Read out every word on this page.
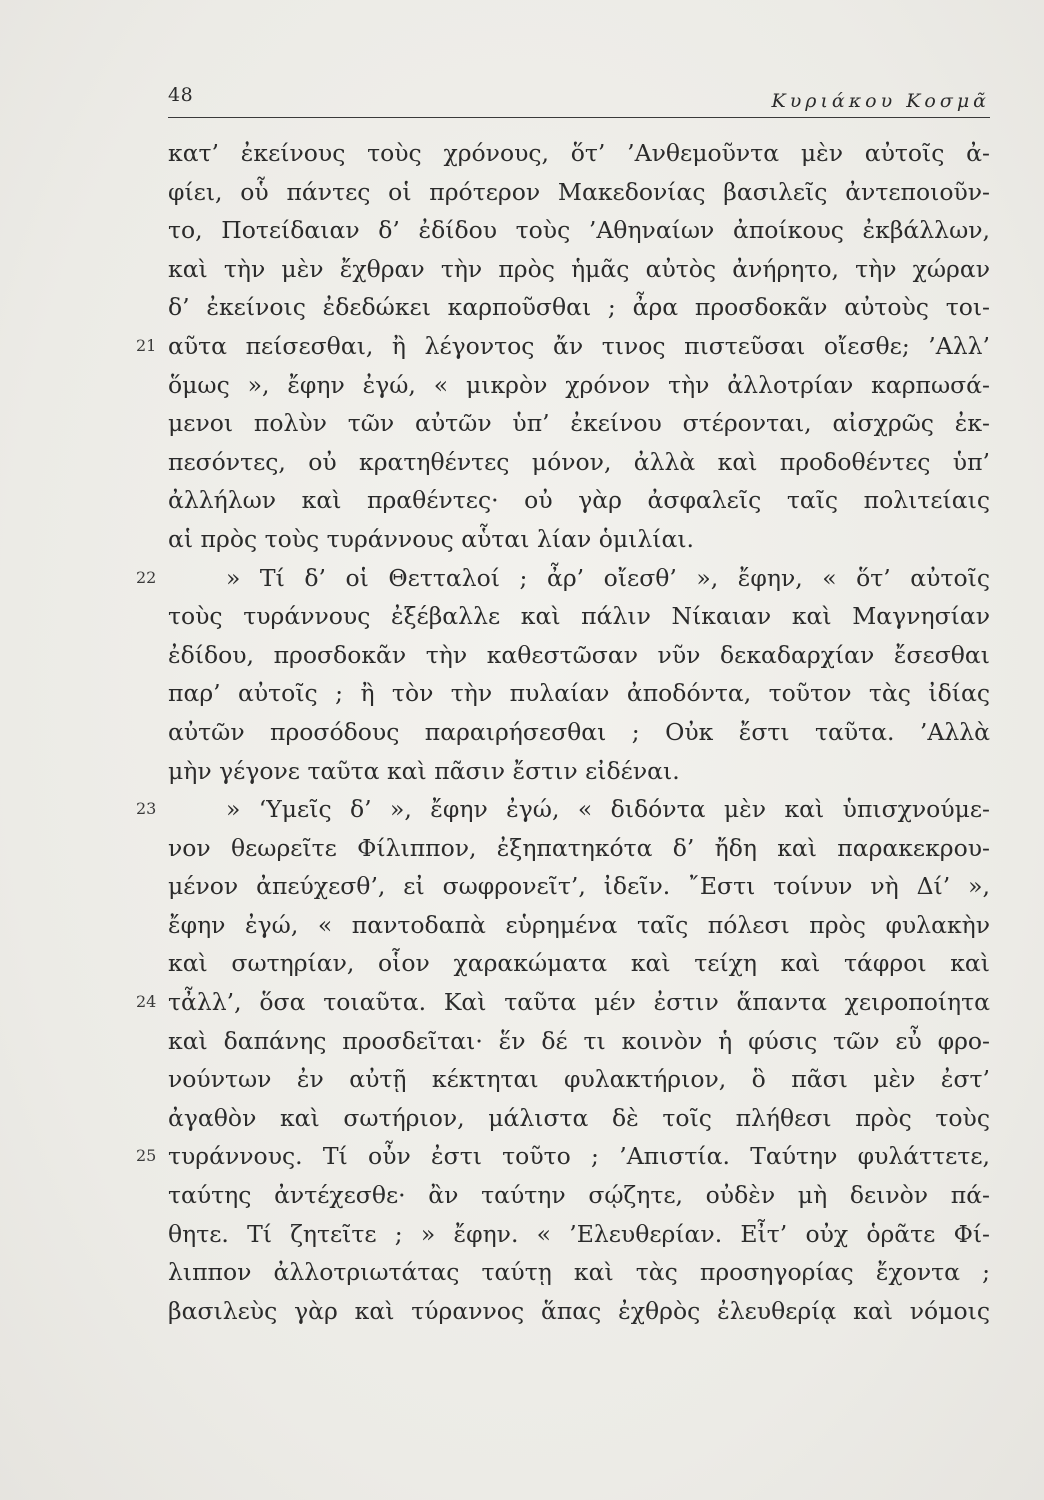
48	Κυριάκου Κοσμᾶ
κατ’ ἐκείνους τοὺς χρόνους, ὅτ’ ’Ανθεμοῦντα μὲν αὐτοῖς ἀ-
φίει, οὗ πάντες οἱ πρότερον Μακεδονίας βασιλεῖς ἀντεποιοῦν-
το, Ποτείδαιαν δ’ ἐδίδου τοὺς ’Αθηναίων ἀποίκους ἐκβάλλων,
καὶ τὴν μὲν ἔχθραν τὴν πρὸς ἡμᾶς αὐτὸς ἀνήρητο, τὴν χώραν
δ’ ἐκείνοις ἐδεδώκει καρποῦσθαι ; ἆρα προσδοκᾶν αὐτοὺς τοι-
21 αῦτα πείσεσθαι, ἢ λέγοντος ἄν τινος πιστεῦσαι οἴεσθε; ’Αλλ’
ὅμως », ἔφην ἐγώ, « μικρὸν χρόνον τὴν ἀλλοτρίαν καρπωσά-
μενοι πολὺν τῶν αὐτῶν ὑπ’ ἐκείνου στέρονται, αἰσχρῶς ἐκ-
πεσόντες, οὐ κρατηθέντες μόνον, ἀλλὰ καὶ προδοθέντες ὑπ’
ἀλλήλων καὶ πραθέντες· οὐ γὰρ ἀσφαλεῖς ταῖς πολιτείαις
αἱ πρὸς τοὺς τυράννους αὗται λίαν ὁμιλίαι.
22	» Τί δ’ οἱ Θετταλοί ; ἆρ’ οἴεσθ’ », ἔφην, « ὅτ’ αὐτοῖς
τοὺς τυράννους ἐξέβαλλε καὶ πάλιν Νίκαιαν καὶ Μαγνησίαν
ἐδίδου, προσδοκᾶν τὴν καθεστῶσαν νῦν δεκαδαρχίαν ἔσεσθαι
παρ’ αὐτοῖς ; ἢ τὸν τὴν πυλαίαν ἀποδόντα, τοῦτον τὰς ἰδίας
αὐτῶν προσόδους παραιρήσεσθαι ; Οὐκ ἔστι ταῦτα. ’Αλλὰ
μὴν γέγονε ταῦτα καὶ πᾶσιν ἔστιν εἰδέναι.
23	» ‘Υμεῖς δ’ », ἔφην ἐγώ, « διδόντα μὲν καὶ ὑπισχνούμε-
νον θεωρεῖτε Φίλιππον, ἐξηπατηκότα δ’ ἤδη καὶ παρακεκρου-
μένον ἀπεύχεσθ’, εἰ σωφρονεῖτ’, ἰδεῖν. ῎Εστι τοίνυν νὴ Δί’ »,
ἔφην ἐγώ, « παντοδαπὰ εὑρημένα ταῖς πόλεσι πρὸς φυλακὴν
καὶ σωτηρίαν, οἷον χαρακώματα καὶ τείχη καὶ τάφροι καὶ
24 τἆλλ’, ὅσα τοιαῦτα. Καὶ ταῦτα μέν ἐστιν ἅπαντα χειροποίητα
καὶ δαπάνης προσδεῖται· ἕν δέ τι κοινὸν ἡ φύσις τῶν εὖ φρο-
νούντων ἐν αὐτῇ κέκτηται φυλακτήριον, ὃ πᾶσι μὲν ἐστ’
ἀγαθὸν καὶ σωτήριον, μάλιστα δὲ τοῖς πλήθεσι πρὸς τοὺς
25 τυράννους. Τί οὖν ἐστι τοῦτο ; ’Απιστία. Ταύτην φυλάττετε,
ταύτης ἀντέχεσθε· ἂν ταύτην σῴζητε, οὐδὲν μὴ δεινὸν πά-
θητε. Τί ζητεῖτε ; » ἔφην. « ’Ελευθερίαν. Εἶτ’ οὐχ ὁρᾶτε Φί-
λιππον ἀλλοτριωτάτας ταύτῃ καὶ τὰς προσηγορίας ἔχοντα ;
βασιλεὺς γὰρ καὶ τύραννος ἅπας ἐχθρὸς ἐλευθερίᾳ καὶ νόμοις
